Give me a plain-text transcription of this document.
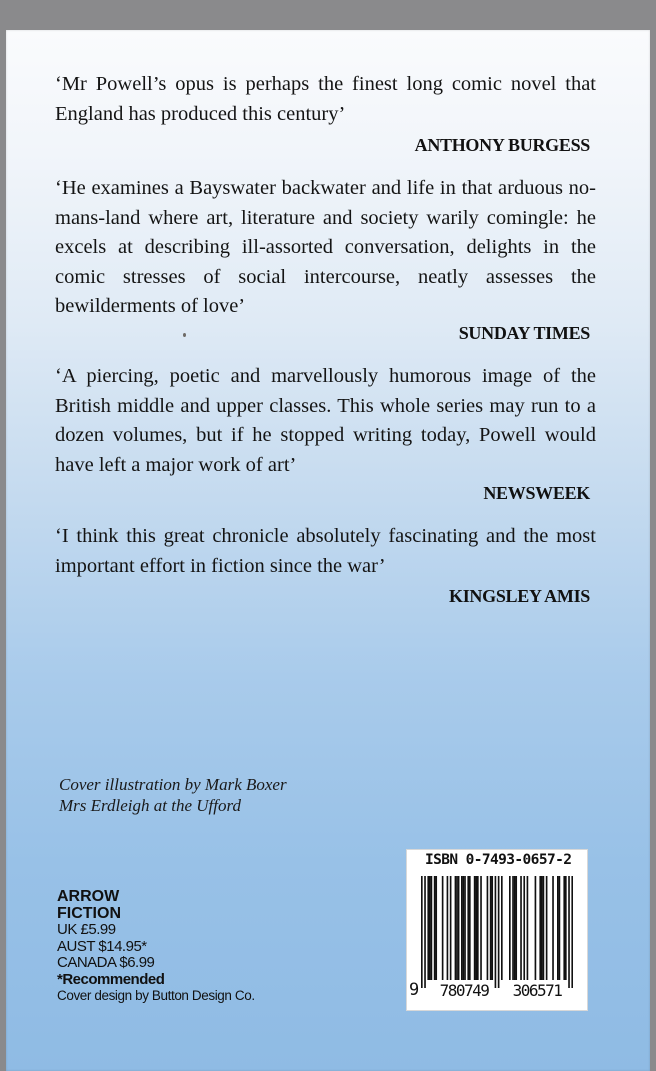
‘Mr Powell’s opus is perhaps the finest long comic novel that England has produced this century’

ANTHONY BURGESS

‘He examines a Bayswater backwater and life in that arduous no-mans-land where art, literature and society warily comingle: he excels at describing ill-assorted conversation, delights in the comic stresses of social intercourse, neatly assesses the bewilderments of love’

SUNDAY TIMES

‘A piercing, poetic and marvellously humorous image of the British middle and upper classes. This whole series may run to a dozen volumes, but if he stopped writing today, Powell would have left a major work of art’

NEWSWEEK

‘I think this great chronicle absolutely fascinating and the most important effort in fiction since the war’

KINGSLEY AMIS
Cover illustration by Mark Boxer
Mrs Erdleigh at the Ufford
ARROW
FICTION
UK £5.99
AUST $14.95*
CANADA $6.99
*Recommended
Cover design by Button Design Co.
ISBN 0-7493-0657-2
9	780749	306571
